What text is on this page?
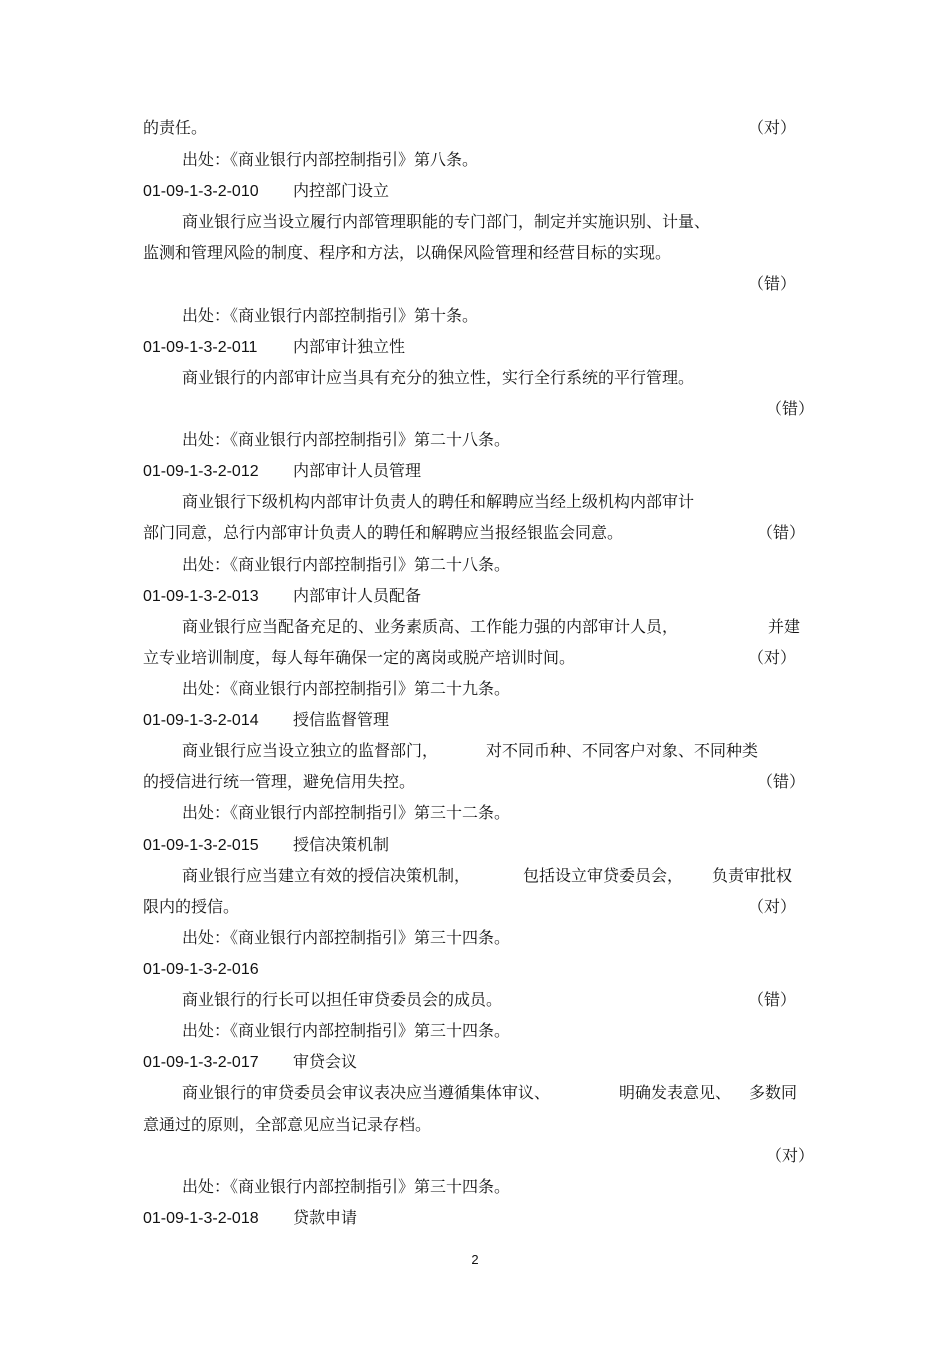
的责任。	（对）
出处：《商业银行内部控制指引》第八条。
01-09-1-3-2-010 内控部门设立
商业银行应当设立履行内部管理职能的专门部门，制定并实施识别、计量、
监测和管理风险的制度、程序和方法，以确保风险管理和经营目标的实现。
（错）
出处：《商业银行内部控制指引》第十条。
01-09-1-3-2-011 内部审计独立性
商业银行的内部审计应当具有充分的独立性，实行全行系统的平行管理。
（错）
出处：《商业银行内部控制指引》第二十八条。
01-09-1-3-2-012 内部审计人员管理
商业银行下级机构内部审计负责人的聘任和解聘应当经上级机构内部审计
部门同意，总行内部审计负责人的聘任和解聘应当报经银监会同意。	（错）
出处：《商业银行内部控制指引》第二十八条。
01-09-1-3-2-013 内部审计人员配备
商业银行应当配备充足的、业务素质高、工作能力强的内部审计人员，	并建
立专业培训制度，每人每年确保一定的离岗或脱产培训时间。	（对）
出处：《商业银行内部控制指引》第二十九条。
01-09-1-3-2-014 授信监督管理
商业银行应当设立独立的监督部门，	对不同币种、不同客户对象、不同种类
的授信进行统一管理，避免信用失控。	（错）
出处：《商业银行内部控制指引》第三十二条。
01-09-1-3-2-015 授信决策机制
商业银行应当建立有效的授信决策机制，	包括设立审贷委员会， 负责审批权
限内的授信。	（对）
出处：《商业银行内部控制指引》第三十四条。
01-09-1-3-2-016
商业银行的行长可以担任审贷委员会的成员。	（错）
出处：《商业银行内部控制指引》第三十四条。
01-09-1-3-2-017 审贷会议
商业银行的审贷委员会审议表决应当遵循集体审议、	明确发表意见、 多数同
意通过的原则，全部意见应当记录存档。
（对）
出处：《商业银行内部控制指引》第三十四条。
01-09-1-3-2-018 贷款申请
2
